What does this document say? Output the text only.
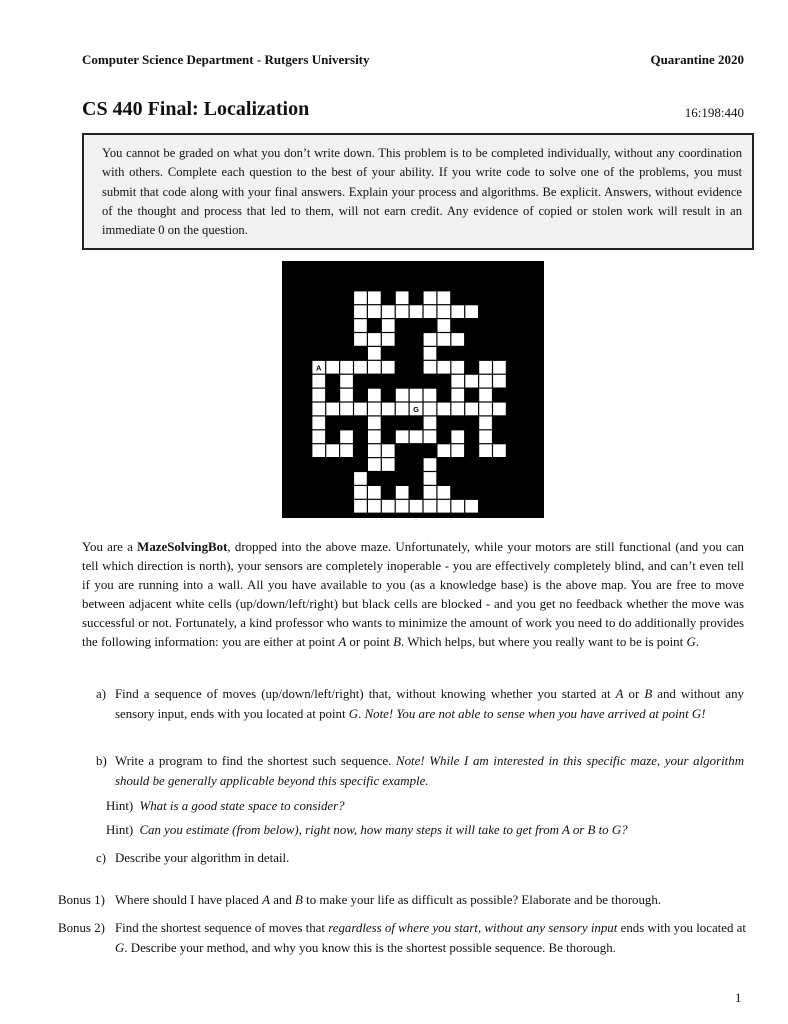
Computer Science Department - Rutgers University	Quarantine 2020
CS 440 Final: Localization	16:198:440
You cannot be graded on what you don’t write down. This problem is to be completed individually, without any coordination with others. Complete each question to the best of your ability. If you write code to solve one of the problems, you must submit that code along with your final answers. Explain your process and algorithms. Be explicit. Answers, without evidence of the thought and process that led to them, will not earn credit. Any evidence of copied or stolen work will result in an immediate 0 on the question.
A
B
G
You are a MazeSolvingBot, dropped into the above maze. Unfortunately, while your motors are still functional (and you can tell which direction is north), your sensors are completely inoperable - you are effectively completely blind, and can’t even tell if you are running into a wall. All you have available to you (as a knowledge base) is the above map. You are free to move between adjacent white cells (up/down/left/right) but black cells are blocked - and you get no feedback whether the move was successful or not. Fortunately, a kind professor who wants to minimize the amount of work you need to do additionally provides the following information: you are either at point A or point B. Which helps, but where you really want to be is point G.
a) Find a sequence of moves (up/down/left/right) that, without knowing whether you started at A or B and without any sensory input, ends with you located at point G. Note! You are not able to sense when you have arrived at point G!
b) Write a program to find the shortest such sequence. Note! While I am interested in this specific maze, your algorithm should be generally applicable beyond this specific example.
Hint) What is a good state space to consider?
Hint) Can you estimate (from below), right now, how many steps it will take to get from A or B to G?
c) Describe your algorithm in detail.
Bonus 1) Where should I have placed A and B to make your life as difficult as possible? Elaborate and be thorough.
Bonus 2) Find the shortest sequence of moves that regardless of where you start, without any sensory input ends with you located at G. Describe your method, and why you know this is the shortest possible sequence. Be thorough.
1
